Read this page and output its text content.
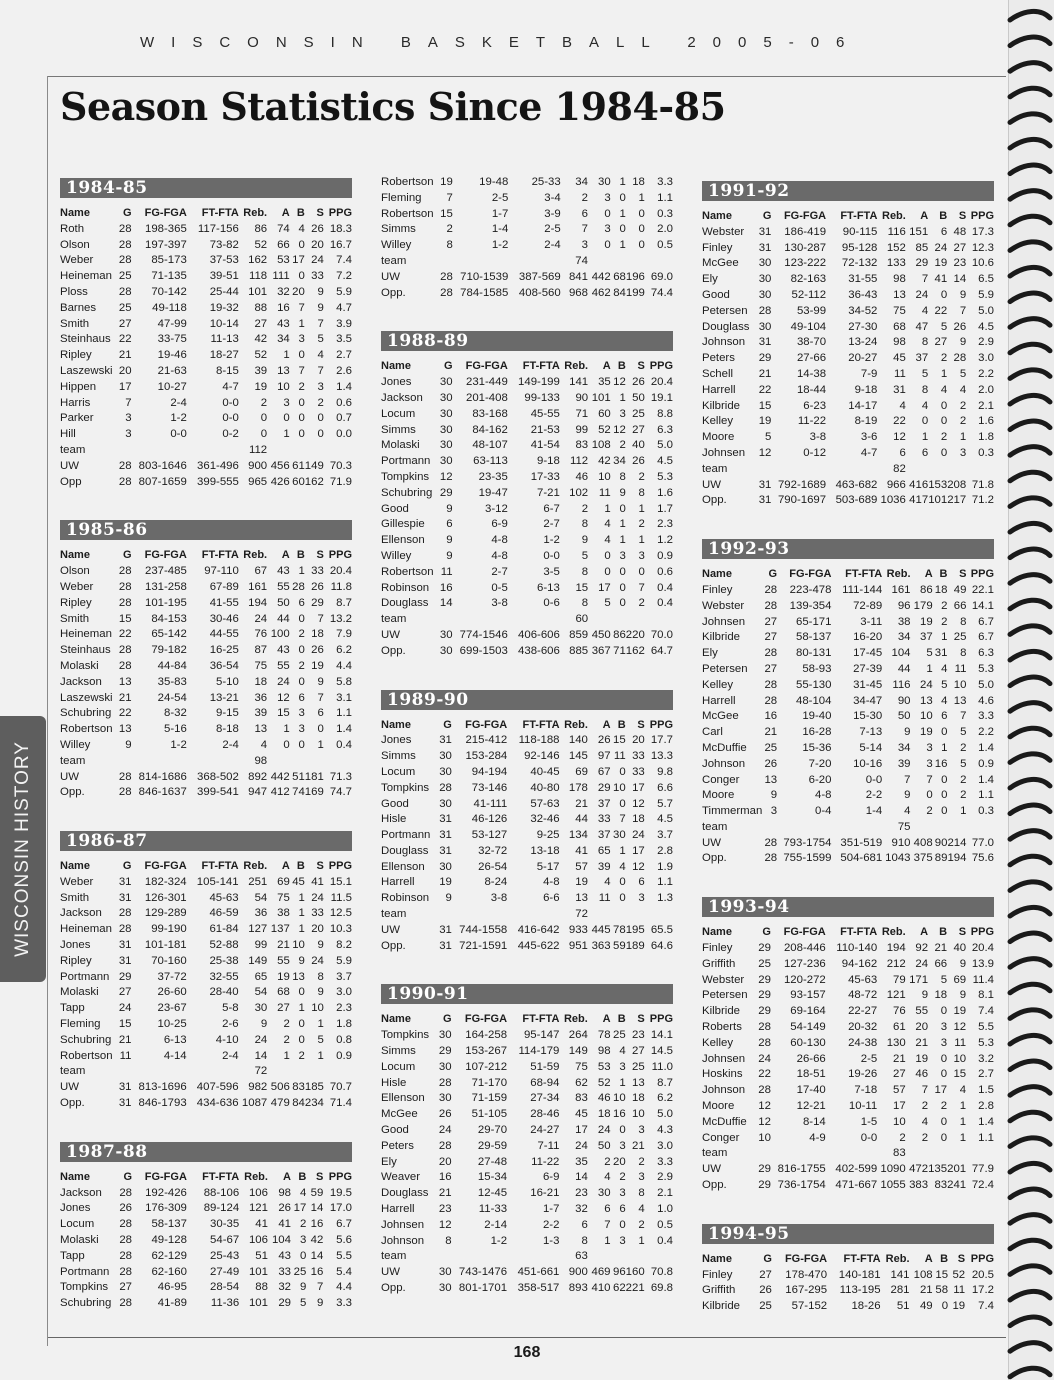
WISCONSIN BASKETBALL 2005-06
Season Statistics Since 1984-85
WISCONSIN HISTORY
1984-85
Name	G	FG-FGA	FT-FTA	Reb.	A	B	S	PPG
Roth	28	198-365	117-156	86	74	4	26	18.3
Olson	28	197-397	73-82	52	66	0	20	16.7
Weber	28	85-173	37-53	162	53	17	24	7.4
Heineman	25	71-135	39-51	118	111	0	33	7.2
Ploss	28	70-142	25-44	101	32	20	9	5.9
Barnes	25	49-118	19-32	88	16	7	9	4.7
Smith	27	47-99	10-14	27	43	1	7	3.9
Steinhaus	22	33-75	11-13	42	34	3	5	3.5
Ripley	21	19-46	18-27	52	1	0	4	2.7
Laszewski	20	21-63	8-15	39	13	7	7	2.6
Hippen	17	10-27	4-7	19	10	2	3	1.4
Harris	7	2-4	0-0	2	3	0	2	0.6
Parker	3	1-2	0-0	0	0	0	0	0.7
Hill	3	0-0	0-2	0	1	0	0	0.0
team				112				
UW	28	803-1646	361-496	900	456	61	149	70.3
Opp	28	807-1659	399-555	965	426	60	162	71.9
1985-86
Name	G	FG-FGA	FT-FTA	Reb.	A	B	S	PPG
Olson	28	237-485	97-110	67	43	1	33	20.4
Weber	28	131-258	67-89	161	55	28	26	11.8
Ripley	28	101-195	41-55	194	50	6	29	8.7
Smith	15	84-153	30-46	24	44	0	7	13.2
Heineman	22	65-142	44-55	76	100	2	18	7.9
Steinhaus	28	79-182	16-25	87	43	0	26	6.2
Molaski	28	44-84	36-54	75	55	2	19	4.4
Jackson	13	35-83	5-10	18	24	0	9	5.8
Laszewski	21	24-54	13-21	36	12	6	7	3.1
Schubring	22	8-32	9-15	39	15	3	6	1.1
Robertson	13	5-16	8-18	13	1	3	0	1.4
Willey	9	1-2	2-4	4	0	0	1	0.4
team				98				
UW	28	814-1686	368-502	892	442	51	181	71.3
Opp.	28	846-1637	399-541	947	412	74	169	74.7
1986-87
Name	G	FG-FGA	FT-FTA	Reb.	A	B	S	PPG
Weber	31	182-324	105-141	251	69	45	41	15.1
Smith	31	126-301	45-63	54	75	1	24	11.5
Jackson	28	129-289	46-59	36	38	1	33	12.5
Heineman	28	99-190	61-84	127	137	1	20	10.3
Jones	31	101-181	52-88	99	21	10	9	8.2
Ripley	31	70-160	25-38	149	55	9	24	5.9
Portmann	29	37-72	32-55	65	19	13	8	3.7
Molaski	27	26-60	28-40	54	68	0	9	3.0
Tapp	24	23-67	5-8	30	27	1	10	2.3
Fleming	15	10-25	2-6	9	2	0	1	1.8
Schubring	21	6-13	4-10	24	2	0	5	0.8
Robertson	11	4-14	2-4	14	1	2	1	0.9
team				72				
UW	31	813-1696	407-596	982	506	83	185	70.7
Opp.	31	846-1793	434-636	1087	479	84	234	71.4
1987-88
Name	G	FG-FGA	FT-FTA	Reb.	A	B	S	PPG
Jackson	28	192-426	88-106	106	98	4	59	19.5
Jones	26	176-309	89-124	121	26	17	14	17.0
Locum	28	58-137	30-35	41	41	2	16	6.7
Molaski	28	49-128	54-67	106	104	3	42	5.6
Tapp	28	62-129	25-43	51	43	0	14	5.5
Portmann	28	62-160	27-49	101	33	25	16	5.4
Tompkins	27	46-95	28-54	88	32	9	7	4.4
Schubring	28	41-89	11-36	101	29	5	9	3.3
Robertson	19	19-48	25-33	34	30	1	18	3.3
Fleming	7	2-5	3-4	2	3	0	1	1.1
Robertson	15	1-7	3-9	6	0	1	0	0.3
Simms	2	1-4	2-5	7	3	0	0	2.0
Willey	8	1-2	2-4	3	0	1	0	0.5
team				74				
UW	28	710-1539	387-569	841	442	68	196	69.0
Opp.	28	784-1585	408-560	968	462	84	199	74.4
1988-89
Name	G	FG-FGA	FT-FTA	Reb.	A	B	S	PPG
Jones	30	231-449	149-199	141	35	12	26	20.4
Jackson	30	201-408	99-133	90	101	1	50	19.1
Locum	30	83-168	45-55	71	60	3	25	8.8
Simms	30	84-162	21-53	99	52	12	27	6.3
Molaski	30	48-107	41-54	83	108	2	40	5.0
Portmann	30	63-113	9-18	112	42	34	26	4.5
Tompkins	12	23-35	17-33	46	10	8	2	5.3
Schubring	29	19-47	7-21	102	11	9	8	1.6
Good	9	3-12	6-7	2	1	0	1	1.7
Gillespie	6	6-9	2-7	8	4	1	2	2.3
Ellenson	9	4-8	1-2	9	4	1	1	1.2
Willey	9	4-8	0-0	5	0	3	3	0.9
Robertson	11	2-7	3-5	8	0	0	0	0.6
Robinson	16	0-5	6-13	15	17	0	7	0.4
Douglass	14	3-8	0-6	8	5	0	2	0.4
team				60				
UW	30	774-1546	406-606	859	450	86	220	70.0
Opp.	30	699-1503	438-606	885	367	71	162	64.7
1989-90
Name	G	FG-FGA	FT-FTA	Reb.	A	B	S	PPG
Jones	31	215-412	118-188	140	26	15	20	17.7
Simms	30	153-284	92-146	145	97	11	33	13.3
Locum	30	94-194	40-45	69	67	0	33	9.8
Tompkins	28	73-146	40-80	178	29	10	17	6.6
Good	30	41-111	57-63	21	37	0	12	5.7
Hisle	31	46-126	32-46	44	33	7	18	4.5
Portmann	31	53-127	9-25	134	37	30	24	3.7
Douglass	31	32-72	13-18	41	65	1	17	2.8
Ellenson	30	26-54	5-17	57	39	4	12	1.9
Harrell	19	8-24	4-8	19	4	0	6	1.1
Robinson	9	3-8	6-6	13	11	0	3	1.3
team				72				
UW	31	744-1558	416-642	933	445	78	195	65.5
Opp.	31	721-1591	445-622	951	363	59	189	64.6
1990-91
Name	G	FG-FGA	FT-FTA	Reb.	A	B	S	PPG
Tompkins	30	164-258	95-147	264	78	25	23	14.1
Simms	29	153-267	114-179	149	98	4	27	14.5
Locum	30	107-212	51-59	75	53	3	25	11.0
Hisle	28	71-170	68-94	62	52	1	13	8.7
Ellenson	30	71-159	27-34	83	46	10	18	6.2
McGee	26	51-105	28-46	45	18	16	10	5.0
Good	24	29-70	24-27	17	24	0	3	4.3
Peters	28	29-59	7-11	24	50	3	21	3.0
Ely	20	27-48	11-22	35	2	20	2	3.3
Weaver	16	15-34	6-9	14	4	2	3	2.9
Douglass	21	12-45	16-21	23	30	3	8	2.1
Harrell	23	11-33	1-7	32	6	6	4	1.0
Johnsen	12	2-14	2-2	6	7	0	2	0.5
Johnson	8	1-2	1-3	8	1	3	1	0.4
team				63				
UW	30	743-1476	451-661	900	469	96	160	70.8
Opp.	30	801-1701	358-517	893	410	62	221	69.8
1991-92
Name	G	FG-FGA	FT-FTA	Reb.	A	B	S	PPG
Webster	31	186-419	90-115	116	151	6	48	17.3
Finley	31	130-287	95-128	152	85	24	27	12.3
McGee	30	123-222	72-132	133	29	19	23	10.6
Ely	30	82-163	31-55	98	7	41	14	6.5
Good	30	52-112	36-43	13	24	0	9	5.9
Petersen	28	53-99	34-52	75	4	22	7	5.0
Douglass	30	49-104	27-30	68	47	5	26	4.5
Johnson	31	38-70	13-24	98	8	27	9	2.9
Peters	29	27-66	20-27	45	37	2	28	3.0
Schell	21	14-38	7-9	11	5	1	5	2.2
Harrell	22	18-44	9-18	31	8	4	4	2.0
Kilbride	15	6-23	14-17	4	4	0	2	2.1
Kelley	19	11-22	8-19	22	0	0	2	1.6
Moore	5	3-8	3-6	12	1	2	1	1.8
Johnsen	12	0-12	4-7	6	6	0	3	0.3
team				82				
UW	31	792-1689	463-682	966	416	153	208	71.8
Opp.	31	790-1697	503-689	1036	417	101	217	71.2
1992-93
Name	G	FG-FGA	FT-FTA	Reb.	A	B	S	PPG
Finley	28	223-478	111-144	161	86	18	49	22.1
Webster	28	139-354	72-89	96	179	2	66	14.1
Johnsen	27	65-171	3-11	38	19	2	8	6.7
Kilbride	27	58-137	16-20	34	37	1	25	6.7
Ely	28	80-131	17-45	104	5	31	8	6.3
Petersen	27	58-93	27-39	44	1	4	11	5.3
Kelley	28	55-130	31-45	116	24	5	10	5.0
Harrell	28	48-104	34-47	90	13	4	13	4.6
McGee	16	19-40	15-30	50	10	6	7	3.3
Carl	21	16-28	7-13	9	19	0	5	2.2
McDuffie	25	15-36	5-14	34	3	1	2	1.4
Johnson	26	7-20	10-16	39	3	16	5	0.9
Conger	13	6-20	0-0	7	7	0	2	1.4
Moore	9	4-8	2-2	9	0	0	2	1.1
Timmerman	3	0-4	1-4	4	2	0	1	0.3
team				75				
UW	28	793-1754	351-519	910	408	90	214	77.0
Opp.	28	755-1599	504-681	1043	375	89	194	75.6
1993-94
Name	G	FG-FGA	FT-FTA	Reb.	A	B	S	PPG
Finley	29	208-446	110-140	194	92	21	40	20.4
Griffith	25	127-236	94-162	212	24	66	9	13.9
Webster	29	120-272	45-63	79	171	5	69	11.4
Petersen	29	93-157	48-72	121	9	18	9	8.1
Kilbride	29	69-164	22-27	76	55	0	19	7.4
Roberts	28	54-149	20-32	61	20	3	12	5.5
Kelley	28	60-130	24-38	130	21	3	11	5.3
Johnsen	24	26-66	2-5	21	19	0	10	3.2
Hoskins	22	18-51	19-26	27	46	0	15	2.7
Johnson	28	17-40	7-18	57	7	17	4	1.5
Moore	12	12-21	10-11	17	2	2	1	2.8
McDuffie	12	8-14	1-5	10	4	0	1	1.4
Conger	10	4-9	0-0	2	2	0	1	1.1
team				83				
UW	29	816-1755	402-599	1090	472	135	201	77.9
Opp.	29	736-1754	471-667	1055	383	83	241	72.4
1994-95
Name	G	FG-FGA	FT-FTA	Reb.	A	B	S	PPG
Finley	27	178-470	140-181	141	108	15	52	20.5
Griffith	26	167-295	113-195	281	21	58	11	17.2
Kilbride	25	57-152	18-26	51	49	0	19	7.4
168
